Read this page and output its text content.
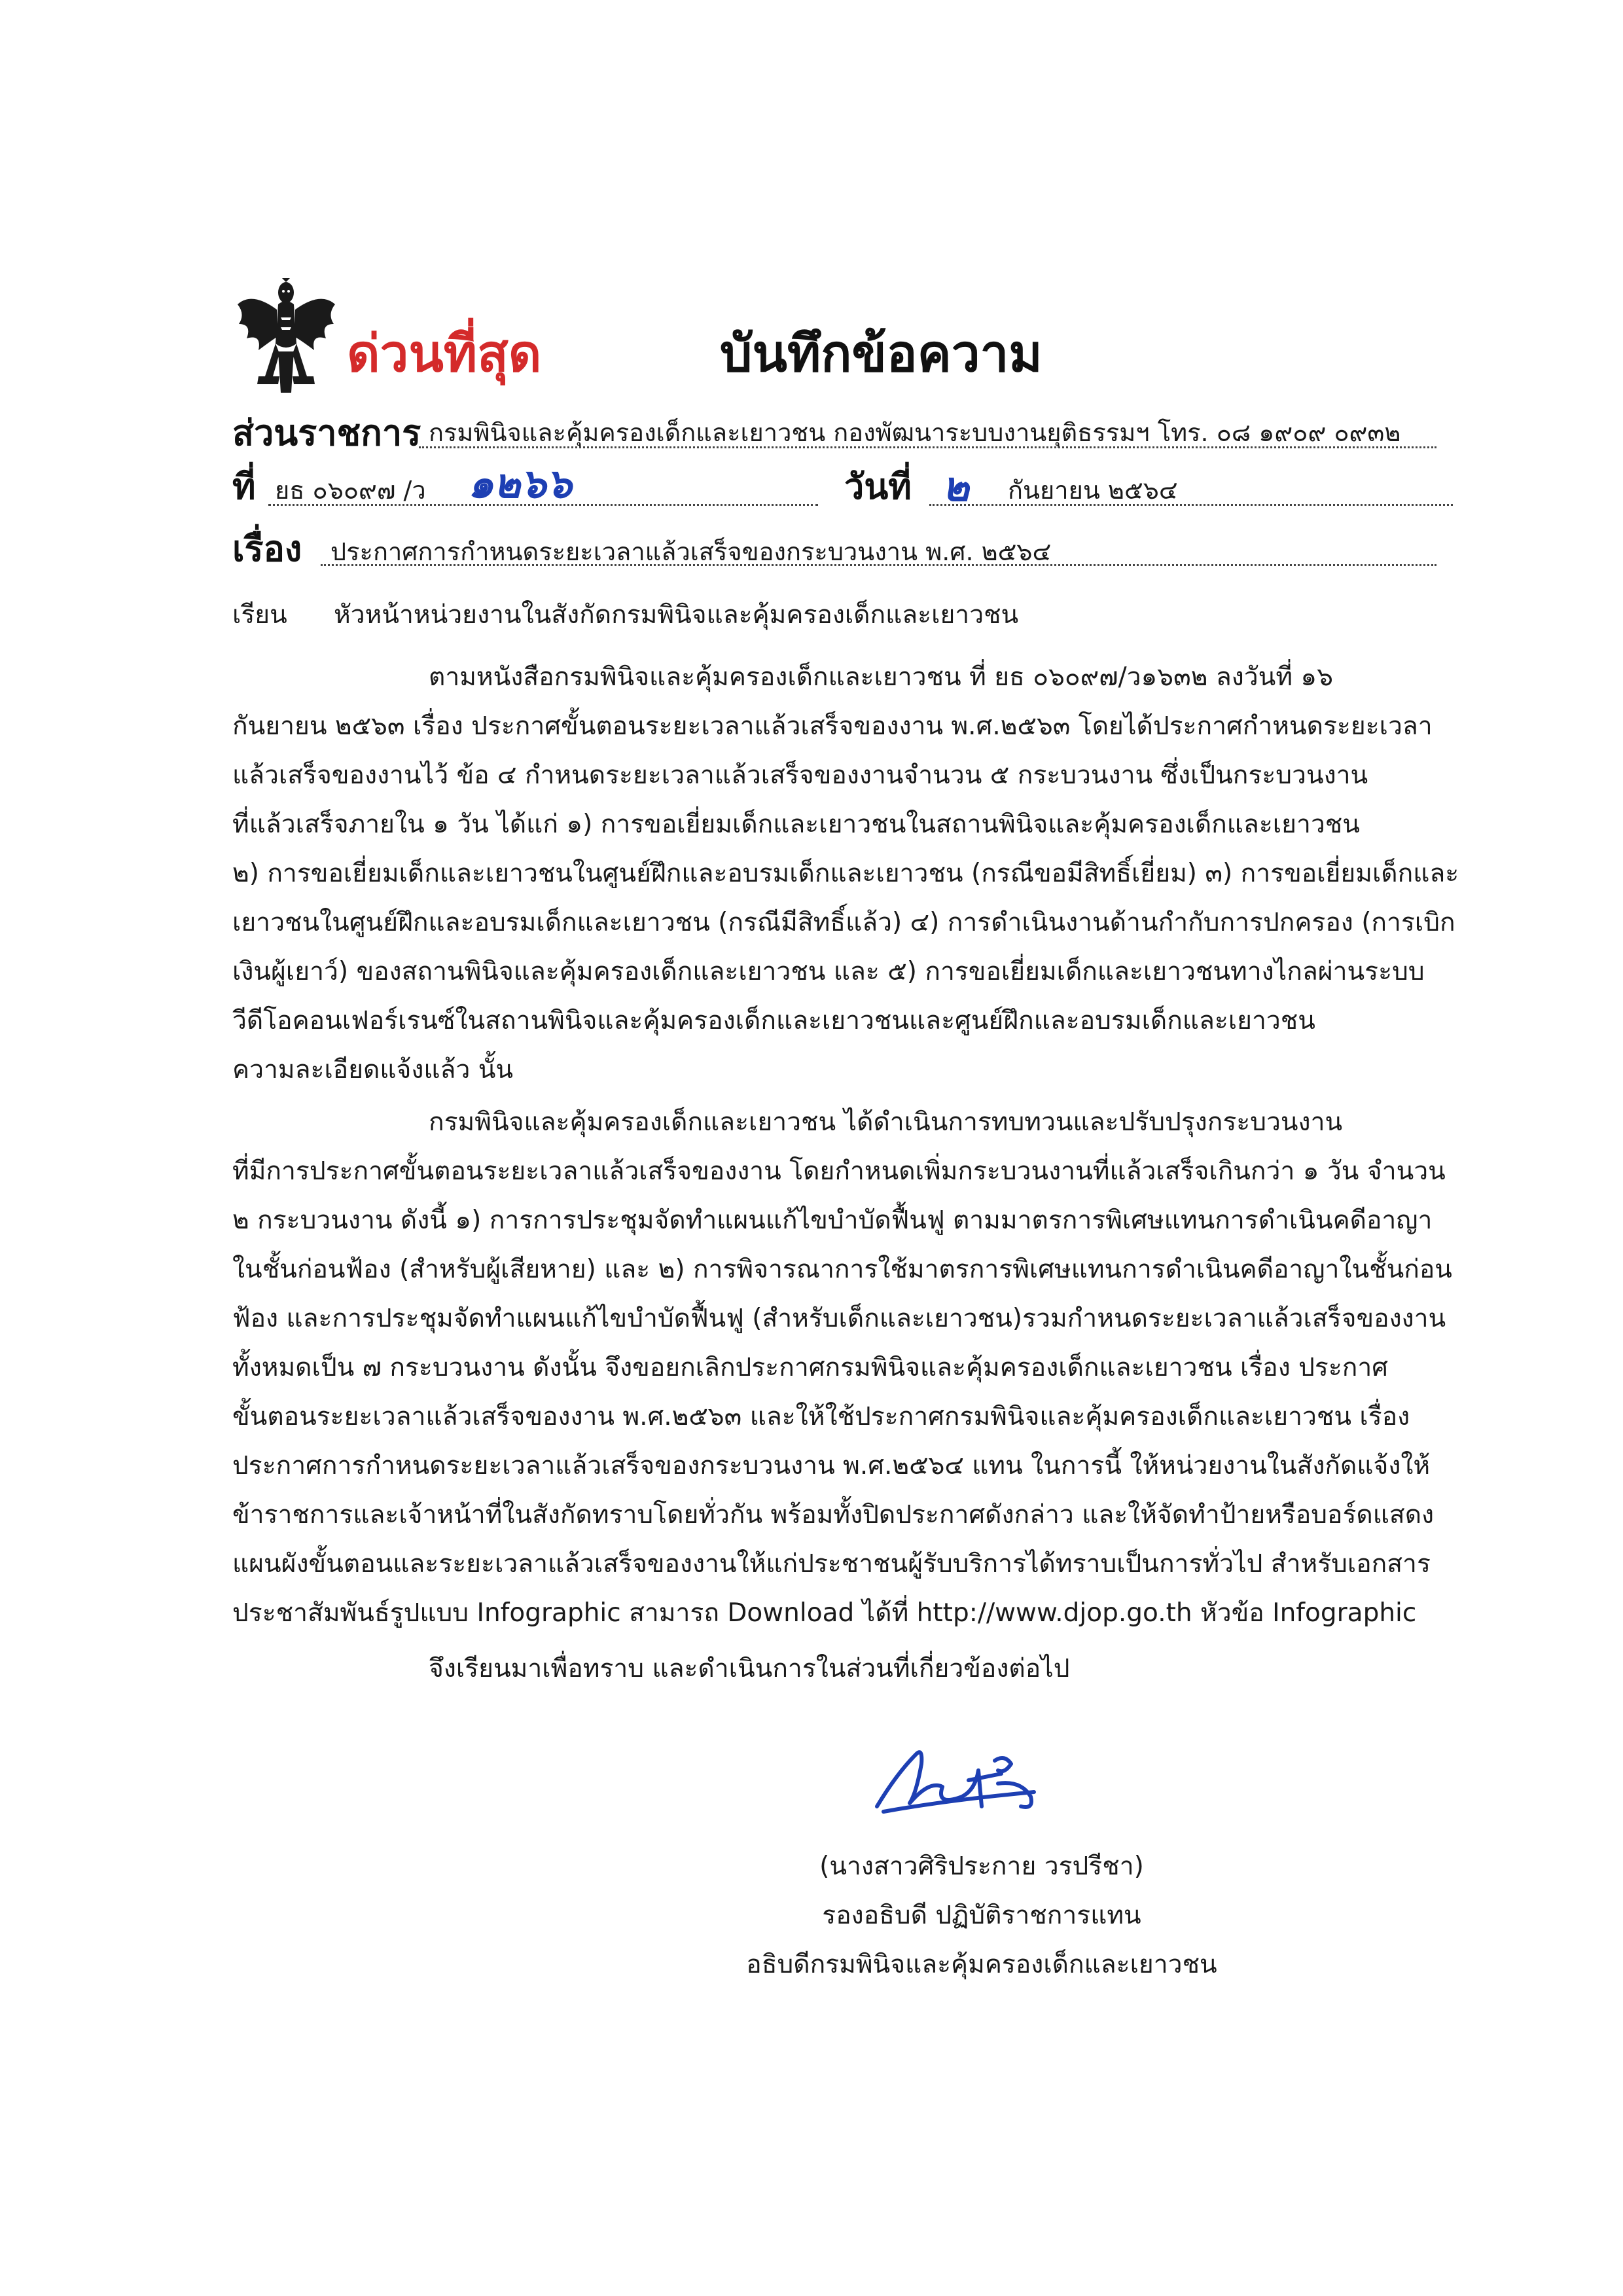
ด่วนที่สุด	บันทึกข้อความ
ส่วนราชการ กรมพินิจและคุ้มครองเด็กและเยาวชน กองพัฒนาระบบงานยุติธรรมฯ โทร. ๐๘ ๑๙๐๙ ๐๙๓๒
ที่ ยธ ๐๖๐๙๗ /ว ๑๒๖๖	วันที่ ๒ กันยายน ๒๕๖๔
เรื่อง ประกาศการกำหนดระยะเวลาแล้วเสร็จของกระบวนงาน พ.ศ. ๒๕๖๔
เรียน หัวหน้าหน่วยงานในสังกัดกรมพินิจและคุ้มครองเด็กและเยาวชน
ตามหนังสือกรมพินิจและคุ้มครองเด็กและเยาวชน ที่ ยธ ๐๖๐๙๗/ว๑๖๓๒ ลงวันที่ ๑๖
กันยายน ๒๕๖๓ เรื่อง ประกาศขั้นตอนระยะเวลาแล้วเสร็จของงาน พ.ศ.๒๕๖๓ โดยได้ประกาศกำหนดระยะเวลา
แล้วเสร็จของงานไว้ ข้อ ๔ กำหนดระยะเวลาแล้วเสร็จของงานจำนวน ๕ กระบวนงาน ซึ่งเป็นกระบวนงาน
ที่แล้วเสร็จภายใน ๑ วัน ได้แก่ ๑) การขอเยี่ยมเด็กและเยาวชนในสถานพินิจและคุ้มครองเด็กและเยาวชน
๒) การขอเยี่ยมเด็กและเยาวชนในศูนย์ฝึกและอบรมเด็กและเยาวชน (กรณีขอมีสิทธิ์เยี่ยม) ๓) การขอเยี่ยมเด็กและ
เยาวชนในศูนย์ฝึกและอบรมเด็กและเยาวชน (กรณีมีสิทธิ์แล้ว) ๔) การดำเนินงานด้านกำกับการปกครอง (การเบิก
เงินผู้เยาว์) ของสถานพินิจและคุ้มครองเด็กและเยาวชน และ ๕) การขอเยี่ยมเด็กและเยาวชนทางไกลผ่านระบบ
วีดีโอคอนเฟอร์เรนซ์ในสถานพินิจและคุ้มครองเด็กและเยาวชนและศูนย์ฝึกและอบรมเด็กและเยาวชน
ความละเอียดแจ้งแล้ว นั้น
กรมพินิจและคุ้มครองเด็กและเยาวชน ได้ดำเนินการทบทวนและปรับปรุงกระบวนงาน
ที่มีการประกาศขั้นตอนระยะเวลาแล้วเสร็จของงาน โดยกำหนดเพิ่มกระบวนงานที่แล้วเสร็จเกินกว่า ๑ วัน จำนวน
๒ กระบวนงาน ดังนี้ ๑) การการประชุมจัดทำแผนแก้ไขบำบัดฟื้นฟู ตามมาตรการพิเศษแทนการดำเนินคดีอาญา
ในชั้นก่อนฟ้อง (สำหรับผู้เสียหาย) และ ๒) การพิจารณาการใช้มาตรการพิเศษแทนการดำเนินคดีอาญาในชั้นก่อน
ฟ้อง และการประชุมจัดทำแผนแก้ไขบำบัดฟื้นฟู (สำหรับเด็กและเยาวชน)รวมกำหนดระยะเวลาแล้วเสร็จของงาน
ทั้งหมดเป็น ๗ กระบวนงาน ดังนั้น จึงขอยกเลิกประกาศกรมพินิจและคุ้มครองเด็กและเยาวชน เรื่อง ประกาศ
ขั้นตอนระยะเวลาแล้วเสร็จของงาน พ.ศ.๒๕๖๓ และให้ใช้ประกาศกรมพินิจและคุ้มครองเด็กและเยาวชน เรื่อง
ประกาศการกำหนดระยะเวลาแล้วเสร็จของกระบวนงาน พ.ศ.๒๕๖๔ แทน ในการนี้ ให้หน่วยงานในสังกัดแจ้งให้
ข้าราชการและเจ้าหน้าที่ในสังกัดทราบโดยทั่วกัน พร้อมทั้งปิดประกาศดังกล่าว และให้จัดทำป้ายหรือบอร์ดแสดง
แผนผังขั้นตอนและระยะเวลาแล้วเสร็จของงานให้แก่ประชาชนผู้รับบริการได้ทราบเป็นการทั่วไป สำหรับเอกสาร
ประชาสัมพันธ์รูปแบบ Infographic สามารถ Download ได้ที่ http://www.djop.go.th หัวข้อ Infographic
จึงเรียนมาเพื่อทราบ และดำเนินการในส่วนที่เกี่ยวข้องต่อไป
(นางสาวศิริประกาย วรปรีชา)
รองอธิบดี ปฏิบัติราชการแทน
อธิบดีกรมพินิจและคุ้มครองเด็กและเยาวชน
